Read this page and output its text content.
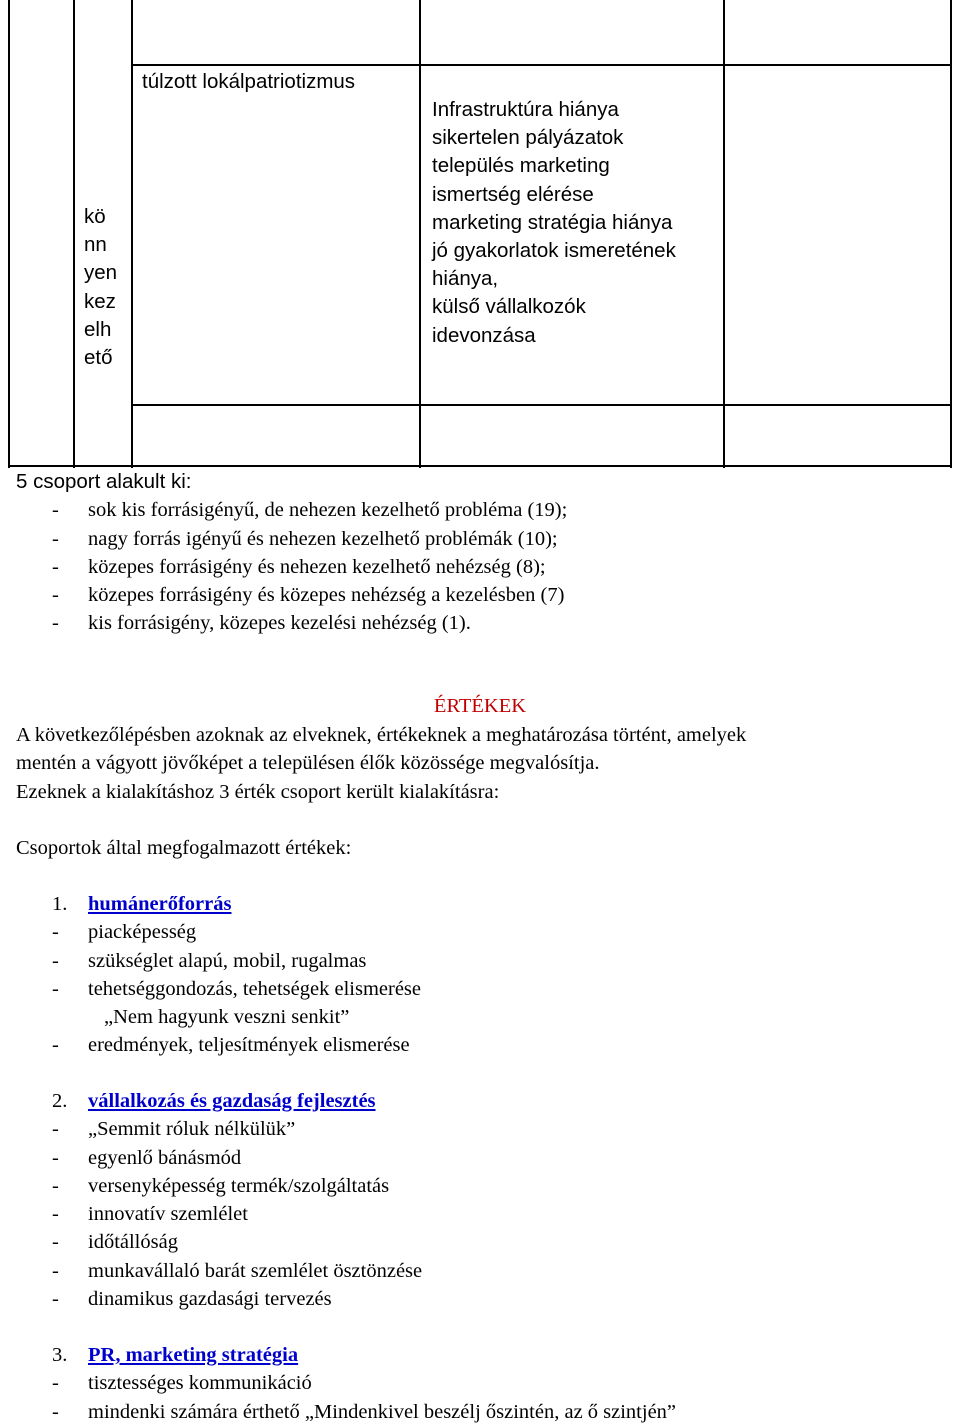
kö
nn
yen
kez
elh
ető
túlzott lokálpatriotizmus
Infrastruktúra hiánya
sikertelen pályázatok
település marketing
ismertség elérése
marketing stratégia hiánya
jó gyakorlatok ismeretének
hiánya,
külső vállalkozók
idevonzása
5 csoport alakult ki:
- sok kis forrásigényű, de nehezen kezelhető probléma (19);
- nagy forrás igényű és nehezen kezelhető problémák (10);
- közepes forrásigény és nehezen kezelhető nehézség (8);
- közepes forrásigény és közepes nehézség a kezelésben (7)
- kis forrásigény, közepes kezelési nehézség (1).
ÉRTÉKEK
A következőlépésben azoknak az elveknek, értékeknek a meghatározása történt, amelyek
mentén a vágyott jövőképet a településen élők közössége megvalósítja.
Ezeknek a kialakításhoz 3 érték csoport került kialakításra:
Csoportok által megfogalmazott értékek:
1. humánerőforrás
- piacképesség
- szükséglet alapú, mobil, rugalmas
- tehetséggondozás, tehetségek elismerése
„Nem hagyunk veszni senkit”
- eredmények, teljesítmények elismerése
2. vállalkozás és gazdaság fejlesztés
- „Semmit róluk nélkülük”
- egyenlő bánásmód
- versenyképesség termék/szolgáltatás
- innovatív szemlélet
- időtállóság
- munkavállaló barát szemlélet ösztönzése
- dinamikus gazdasági tervezés
3. PR, marketing stratégia
- tisztességes kommunikáció
- mindenki számára érthető „Mindenkivel beszélj őszintén, az ő szintjén”
